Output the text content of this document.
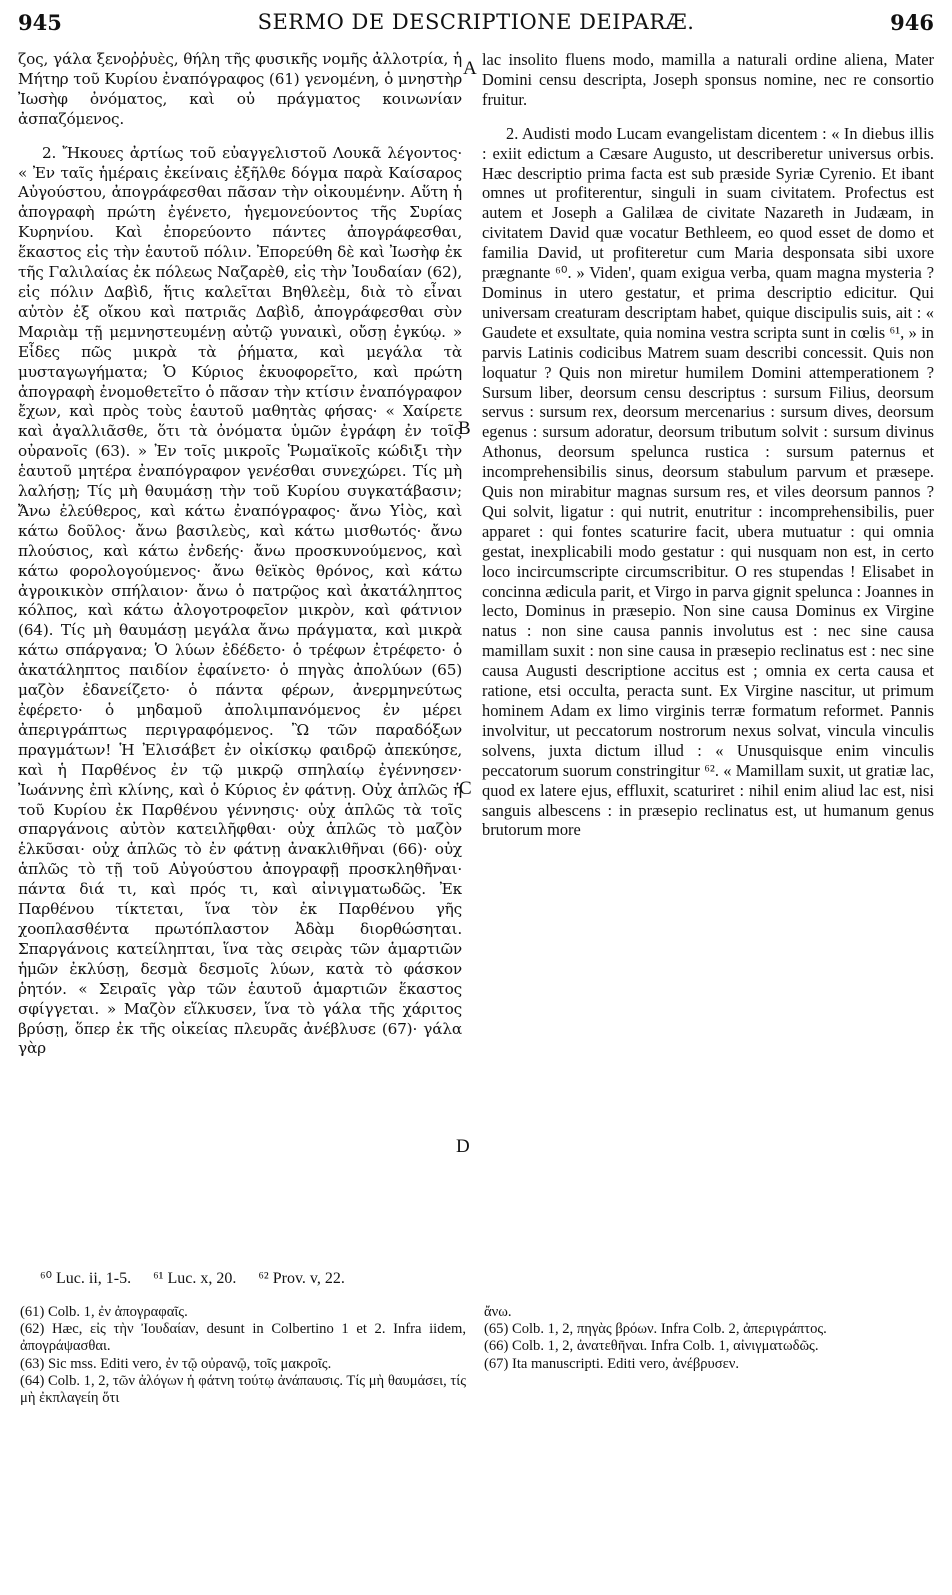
945	SERMO DE DESCRIPTIONE DEIPARÆ.	946

ζος, γάλα ξενοῤῥυὲς, θήλη τῆς φυσικῆς νομῆς ἀλλοτρία, ἡ Μήτηρ τοῦ Κυρίου ἐναπόγραφος (61) γενομένη, ὁ μνηστὴρ Ἰωσὴφ ὀνόματος, καὶ οὐ πράγματος κοινωνίαν ἀσπαζόμενος.

2. Ἤκουες ἀρτίως τοῦ εὐαγγελιστοῦ Λουκᾶ λέγοντος· « Ἐν ταῖς ἡμέραις ἐκείναις ἐξῆλθε δόγμα παρὰ Καίσαρος Αὐγούστου, ἀπογράφεσθαι πᾶσαν τὴν οἰκουμένην. Αὕτη ἡ ἀπογραφὴ πρώτη ἐγένετο, ἡγεμονεύοντος τῆς Συρίας Κυρηνίου. Καὶ ἐπορεύοντο πάντες ἀπογράφεσθαι, ἕκαστος εἰς τὴν ἑαυτοῦ πόλιν. Ἐπορεύθη δὲ καὶ Ἰωσὴφ ἐκ τῆς Γαλιλαίας ἐκ πόλεως Ναζαρὲθ, εἰς τὴν Ἰουδαίαν (62), εἰς πόλιν Δαβὶδ, ἥτις καλεῖται Βηθλεὲμ, διὰ τὸ εἶναι αὐτὸν ἐξ οἴκου καὶ πατριᾶς Δαβὶδ, ἀπογράφεσθαι σὺν Μαριὰμ τῇ μεμνηστευμένῃ αὐτῷ γυναικὶ, οὔσῃ ἐγκύῳ. » Εἶδες πῶς μικρὰ τὰ ῥήματα, καὶ μεγάλα τὰ μυσταγωγήματα; Ὁ Κύριος ἐκυοφορεῖτο, καὶ πρώτη ἀπογραφὴ ἐνομοθετεῖτο ὁ πᾶσαν τὴν κτίσιν ἐναπόγραφον ἔχων, καὶ πρὸς τοὺς ἑαυτοῦ μαθητὰς φήσας· « Χαίρετε καὶ ἀγαλλιᾶσθε, ὅτι τὰ ὀνόματα ὑμῶν ἐγράφη ἐν τοῖς οὐρανοῖς (63). » Ἐν τοῖς μικροῖς Ῥωμαϊκοῖς κώδιξι τὴν ἑαυτοῦ μητέρα ἐναπόγραφον γενέσθαι συνεχώρει. Τίς μὴ λαλήσῃ; Τίς μὴ θαυμάσῃ τὴν τοῦ Κυρίου συγκατάβασιν; Ἄνω ἐλεύθερος, καὶ κάτω ἐναπόγραφος· ἄνω Υἱὸς, καὶ κάτω δοῦλος· ἄνω βασιλεὺς, καὶ κάτω μισθωτός· ἄνω πλούσιος, καὶ κάτω ἐνδεής· ἄνω προσκυνούμενος, καὶ κάτω φορολογούμενος· ἄνω θεϊκὸς θρόνος, καὶ κάτω ἀγροικικὸν σπήλαιον· ἄνω ὁ πατρῷος καὶ ἀκατάληπτος κόλπος, καὶ κάτω ἀλογοτροφεῖον μικρὸν, καὶ φάτνιον (64). Τίς μὴ θαυμάσῃ μεγάλα ἄνω πράγματα, καὶ μικρὰ κάτω σπάργανα; Ὁ λύων ἐδέδετο· ὁ τρέφων ἐτρέφετο· ὁ ἀκατάληπτος παιδίον ἐφαίνετο· ὁ πηγὰς ἀπολύων (65) μαζὸν ἐδανείζετο· ὁ πάντα φέρων, ἀνερμηνεύτως ἐφέρετο· ὁ μηδαμοῦ ἀπολιμπανόμενος ἐν μέρει ἀπεριγράπτως περιγραφόμενος. Ὢ τῶν παραδόξων πραγμάτων! Ἡ Ἐλισάβετ ἐν οἰκίσκῳ φαιδρῷ ἀπεκύησε, καὶ ἡ Παρθένος ἐν τῷ μικρῷ σπηλαίῳ ἐγέννησεν· Ἰωάννης ἐπὶ κλίνης, καὶ ὁ Κύριος ἐν φάτνῃ. Οὐχ ἁπλῶς ἡ τοῦ Κυρίου ἐκ Παρθένου γέννησις· οὐχ ἁπλῶς τὰ τοῖς σπαργάνοις αὐτὸν κατειλῆφθαι· οὐχ ἁπλῶς τὸ μαζὸν ἑλκῦσαι· οὐχ ἁπλῶς τὸ ἐν φάτνῃ ἀνακλιθῆναι (66)· οὐχ ἁπλῶς τὸ τῇ τοῦ Αὐγούστου ἀπογραφῇ προσκληθῆναι· πάντα διά τι, καὶ πρός τι, καὶ αἰνιγματωδῶς. Ἐκ Παρθένου τίκτεται, ἵνα τὸν ἐκ Παρθένου γῆς χοοπλασθέντα πρωτόπλαστον Ἀδὰμ διορθώσηται. Σπαργάνοις κατείληπται, ἵνα τὰς σειρὰς τῶν ἁμαρτιῶν ἡμῶν ἐκλύσῃ, δεσμὰ δεσμοῖς λύων, κατὰ τὸ φάσκον ῥητόν. « Σειραῖς γὰρ τῶν ἑαυτοῦ ἁμαρτιῶν ἕκαστος σφίγγεται. » Μαζὸν εἵλκυσεν, ἵνα τὸ γάλα τῆς χάριτος βρύσῃ, ὅπερ ἐκ τῆς οἰκείας πλευρᾶς ἀνέβλυσε (67)· γάλα γὰρ

A
B
C
D

lac insolito fluens modo, mamilla a naturali ordine aliena, Mater Domini censu descripta, Joseph sponsus nomine, nec re consortio fruitur.

2. Audisti modo Lucam evangelistam dicentem : « In diebus illis : exiit edictum a Cæsare Augusto, ut describeretur universus orbis. Hæc descriptio prima facta est sub præside Syriæ Cyrenio. Et ibant omnes ut profiterentur, singuli in suam civitatem. Profectus est autem et Joseph a Galilæa de civitate Nazareth in Judæam, in civitatem David quæ vocatur Bethleem, eo quod esset de domo et familia David, ut profiteretur cum Maria desponsata sibi uxore prægnante ⁶⁰. » Viden', quam exigua verba, quam magna mysteria ? Dominus in utero gestatur, et prima descriptio edicitur. Qui universam creaturam descriptam habet, quique discipulis suis, ait : « Gaudete et exsultate, quia nomina vestra scripta sunt in cœlis ⁶¹, » in parvis Latinis codicibus Matrem suam describi concessit. Quis non loquatur ? Quis non miretur humilem Domini attemperationem ? Sursum liber, deorsum censu descriptus : sursum Filius, deorsum servus : sursum rex, deorsum mercenarius : sursum dives, deorsum egenus : sursum adoratur, deorsum tributum solvit : sursum divinus Athonus, deorsum spelunca rustica : sursum paternus et incomprehensibilis sinus, deorsum stabulum parvum et præsepe. Quis non mirabitur magnas sursum res, et viles deorsum pannos ? Qui solvit, ligatur : qui nutrit, enutritur : incomprehensibilis, puer apparet : qui fontes scaturire facit, ubera mutuatur : qui omnia gestat, inexplicabili modo gestatur : qui nusquam non est, in certo loco incircumscripte circumscribitur. O res stupendas ! Elisabet in concinna ædicula parit, et Virgo in parva gignit spelunca : Joannes in lecto, Dominus in præsepio. Non sine causa Dominus ex Virgine natus : non sine causa pannis involutus est : nec sine causa mamillam suxit : non sine causa in præsepio reclinatus est : nec sine causa Augusti descriptione accitus est ; omnia ex certa causa et ratione, etsi occulta, peracta sunt. Ex Virgine nascitur, ut primum hominem Adam ex limo virginis terræ formatum reformet. Pannis involvitur, ut peccatorum nostrorum nexus solvat, vincula vinculis solvens, juxta dictum illud : « Unusquisque enim vinculis peccatorum suorum constringitur ⁶². « Mamillam suxit, ut gratiæ lac, quod ex latere ejus, effluxit, scaturiret : nihil enim aliud lac est, nisi sanguis albescens : in præsepio reclinatus est, ut humanum genus brutorum more

⁶⁰ Luc. ii, 1-5. ⁶¹ Luc. x, 20. ⁶² Prov. v, 22.

(61) Colb. 1, ἐν ἀπογραφαῖς.

(62) Hæc, εἰς τὴν Ἰουδαίαν, desunt in Colbertino 1 et 2. Infra iidem, ἀπογράψασθαι.

(63) Sic mss. Editi vero, ἐν τῷ οὐρανῷ, τοῖς μακροῖς.

(64) Colb. 1, 2, τῶν ἀλόγων ἡ φάτνη τούτῳ ἀνάπαυσις. Τίς μὴ θαυμάσει, τίς μὴ ἐκπλαγείη ὅτι

ἄνω.

(65) Colb. 1, 2, πηγὰς βρόων. Infra Colb. 2, ἀπεριγράπτος.

(66) Colb. 1, 2, ἀνατεθῆναι. Infra Colb. 1, αἰνιγματωδῶς.

(67) Ita manuscripti. Editi vero, ἀνέβρυσεν.
